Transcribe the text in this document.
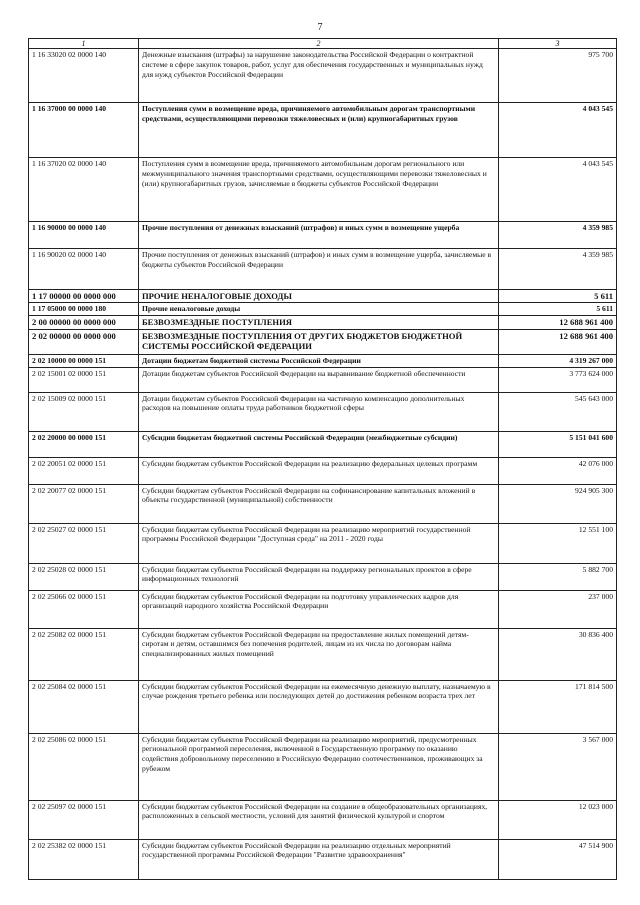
7
1	2	3
1 16 33020 02 0000 140	Денежные взыскания (штрафы) за нарушение законодательства Российской Федерации о контрактной системе в сфере закупок товаров, работ, услуг для обеспечения государственных и муниципальных нужд для нужд субъектов Российской Федерации	975 700
1 16 37000 00 0000 140	Поступления сумм в возмещение вреда, причиняемого автомобильным дорогам транспортными средствами, осуществляющими перевозки тяжеловесных и (или) крупногабаритных грузов	4 043 545
1 16 37020 02 0000 140	Поступления сумм в возмещение вреда, причиняемого автомобильным дорогам регионального или межмуниципального значения транспортными средствами, осуществляющими перевозки тяжеловесных и (или) крупногабаритных грузов, зачисляемые в бюджеты субъектов Российской Федерации	4 043 545
1 16 90000 00 0000 140	Прочие поступления от денежных взысканий (штрафов) и иных сумм в возмещение ущерба	4 359 985
1 16 90020 02 0000 140	Прочие поступления от денежных взысканий (штрафов) и иных сумм в возмещение ущерба, зачисляемые в бюджеты субъектов Российской Федерации	4 359 985
1 17 00000 00 0000 000	ПРОЧИЕ НЕНАЛОГОВЫЕ ДОХОДЫ	5 611
1 17 05000 00 0000 180	Прочие неналоговые доходы	5 611
2 00 00000 00 0000 000	БЕЗВОЗМЕЗДНЫЕ ПОСТУПЛЕНИЯ	12 688 961 400
2 02 00000 00 0000 000	БЕЗВОЗМЕЗДНЫЕ ПОСТУПЛЕНИЯ ОТ ДРУГИХ БЮДЖЕТОВ БЮДЖЕТНОЙ СИСТЕМЫ РОССИЙСКОЙ ФЕДЕРАЦИИ	12 688 961 400
2 02 10000 00 0000 151	Дотации бюджетам бюджетной системы Российской Федерации	4 319 267 000
2 02 15001 02 0000 151	Дотации бюджетам субъектов Российской Федерации на выравнивание бюджетной обеспеченности	3 773 624 000
2 02 15009 02 0000 151	Дотации бюджетам субъектов Российской Федерации на частичную компенсацию дополнительных расходов на повышение оплаты труда работников бюджетной сферы	545 643 000
2 02 20000 00 0000 151	Субсидии бюджетам бюджетной системы Российской Федерации (межбюджетные субсидии)	5 151 041 600
2 02 20051 02 0000 151	Субсидии бюджетам субъектов Российской Федерации на реализацию федеральных целевых программ	42 076 000
2 02 20077 02 0000 151	Субсидии бюджетам субъектов Российской Федерации на софинансирование капитальных вложений в объекты государственной (муниципальной) собственности	924 905 300
2 02 25027 02 0000 151	Субсидии бюджетам субъектов Российской Федерации на реализацию мероприятий государственной программы Российской Федерации "Доступная среда" на 2011 - 2020 годы	12 551 100
2 02 25028 02 0000 151	Субсидии бюджетам субъектов Российской Федерации на поддержку региональных проектов в сфере информационных технологий	5 882 700
2 02 25066 02 0000 151	Субсидии бюджетам субъектов Российской Федерации на подготовку управленческих кадров для организаций народного хозяйства Российской Федерации	237 000
2 02 25082 02 0000 151	Субсидии бюджетам субъектов Российской Федерации на предоставление жилых помещений детям-сиротам и детям, оставшимся без попечения родителей, лицам из их числа по договорам найма специализированных жилых помещений	30 836 400
2 02 25084 02 0000 151	Субсидии бюджетам субъектов Российской Федерации на ежемесячную денежную выплату, назначаемую в случае рождения третьего ребенка или последующих детей до достижения ребенком возраста трех лет	171 814 500
2 02 25086 02 0000 151	Субсидии бюджетам субъектов Российской Федерации на реализацию мероприятий, предусмотренных региональной программой переселения, включенной в Государственную программу по оказанию содействия добровольному переселению в Российскую Федерацию соотечественников, проживающих за рубежом	3 567 000
2 02 25097 02 0000 151	Субсидии бюджетам субъектов Российской Федерации на создание в общеобразовательных организациях, расположенных в сельской местности, условий для занятий физической культурой и спортом	12 023 000
2 02 25382 02 0000 151	Субсидии бюджетам субъектов Российской Федерации на реализацию отдельных мероприятий государственной программы Российской Федерации "Развитие здравоохранения"	47 514 900
